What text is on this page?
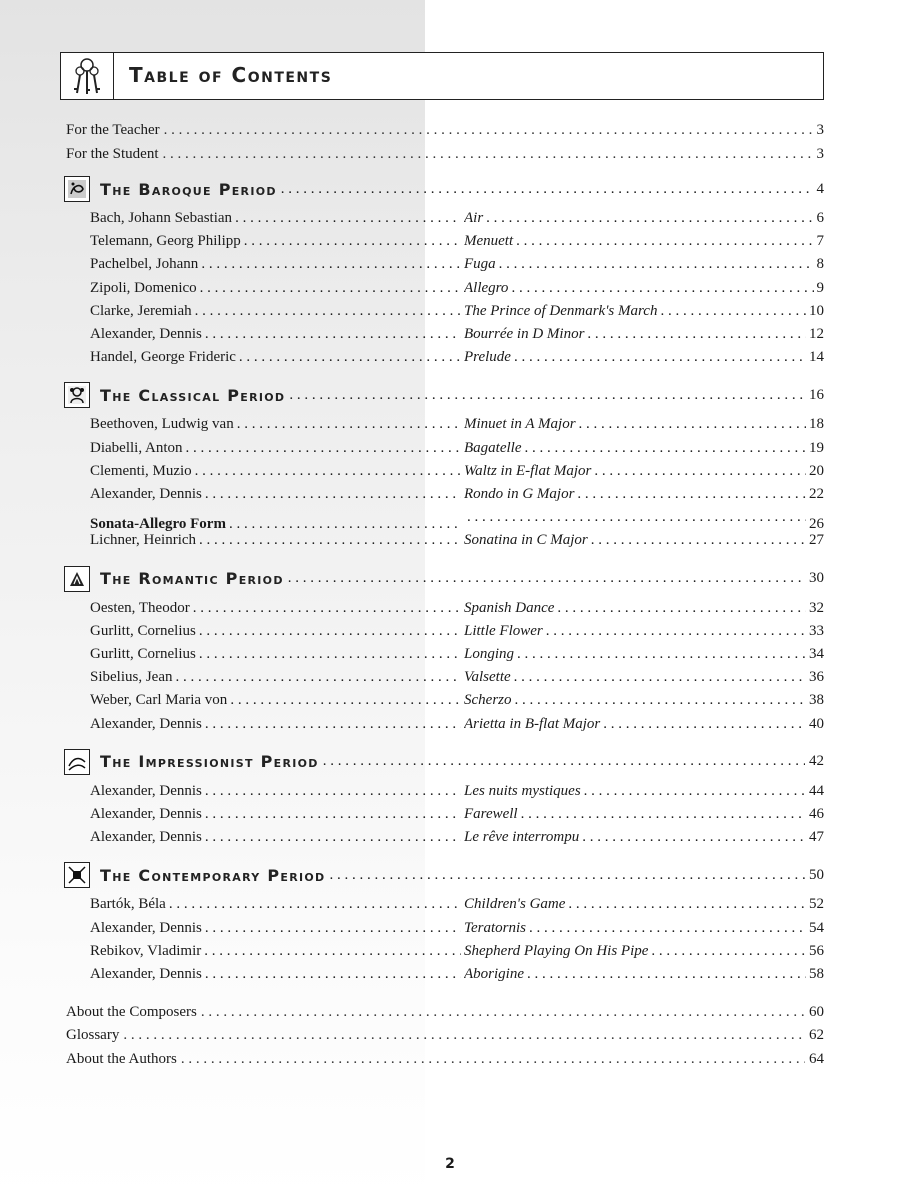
Table of Contents
For the Teacher . . .	3
For the Student . . .	3
The Baroque Period . . .	4
Bach, Johann Sebastian . . .	Air . . .	6
Telemann, Georg Philipp . . .	Menuett . . .	7
Pachelbel, Johann . . .	Fuga . . .	8
Zipoli, Domenico . . .	Allegro . . .	9
Clarke, Jeremiah . . .	The Prince of Denmark's March . . .	10
Alexander, Dennis . . .	Bourrée in D Minor . . .	12
Handel, George Frideric . . .	Prelude . . .	14
The Classical Period . . .	16
Beethoven, Ludwig van . . .	Minuet in A Major . . .	18
Diabelli, Anton . . .	Bagatelle . . .	19
Clementi, Muzio . . .	Waltz in E-flat Major . . .	20
Alexander, Dennis . . .	Rondo in G Major . . .	22
Sonata-Allegro Form . . . . . .	26
Lichner, Heinrich . . .	Sonatina in C Major . . .	27
The Romantic Period . . .	30
Oesten, Theodor . . .	Spanish Dance . . .	32
Gurlitt, Cornelius . . .	Little Flower . . .	33
Gurlitt, Cornelius . . .	Longing . . .	34
Sibelius, Jean . . .	Valsette . . .	36
Weber, Carl Maria von . . .	Scherzo . . .	38
Alexander, Dennis . . .	Arietta in B-flat Major . . .	40
The Impressionist Period . . .	42
Alexander, Dennis . . .	Les nuits mystiques . . .	44
Alexander, Dennis . . .	Farewell . . .	46
Alexander, Dennis . . .	Le rêve interrompu . . .	47
The Contemporary Period . . .	50
Bartók, Béla . . .	Children's Game . . .	52
Alexander, Dennis . . .	Teratornis . . .	54
Rebikov, Vladimir . . .	Shepherd Playing On His Pipe . . .	56
Alexander, Dennis . . .	Aborigine . . .	58
About the Composers . . .	60
Glossary . . .	62
About the Authors . . .	64
2
